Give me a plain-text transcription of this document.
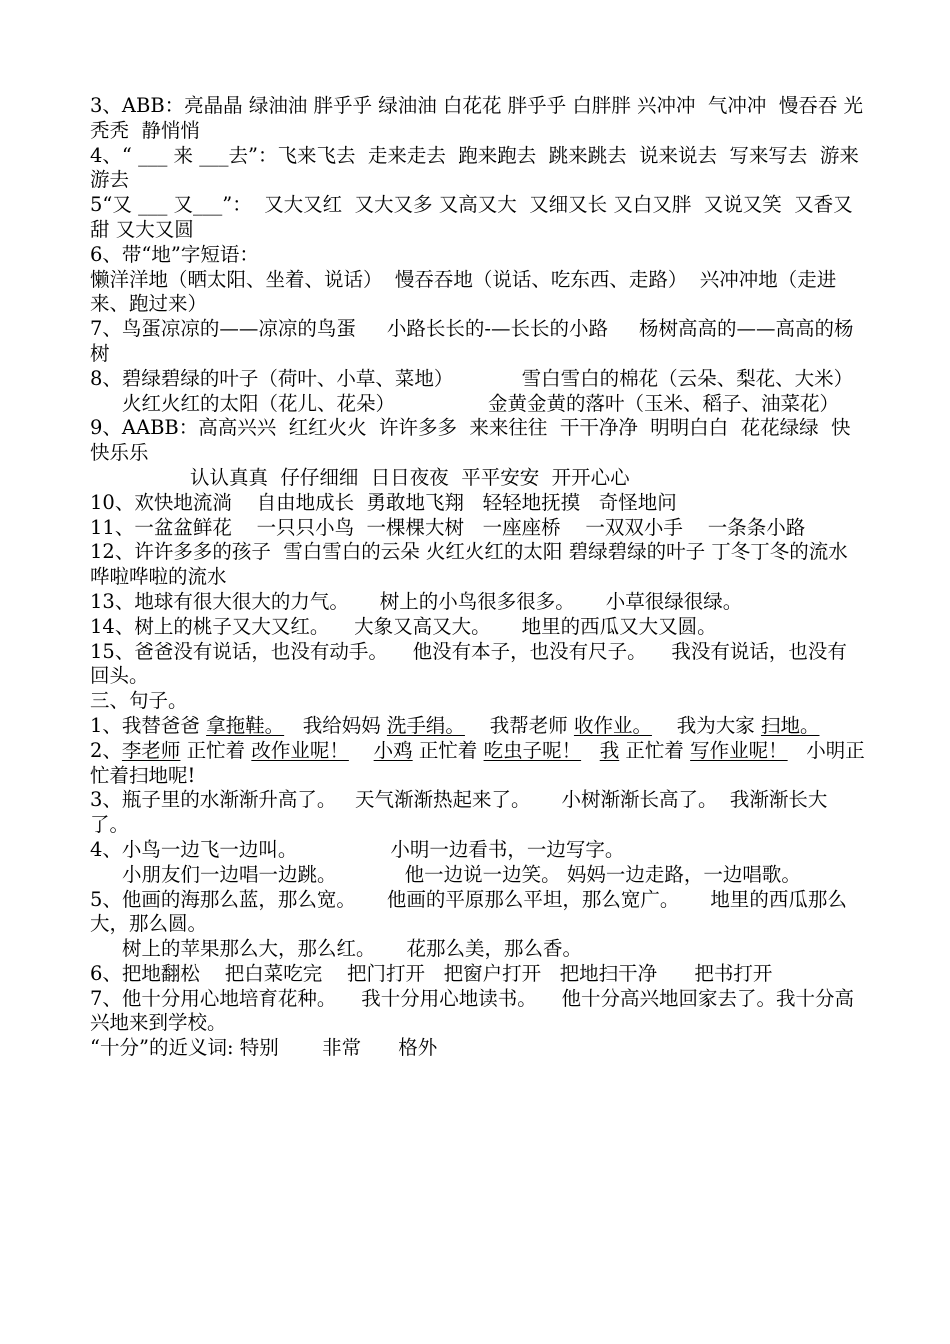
3、ABB：亮晶晶 绿油油 胖乎乎 绿油油 白花花 胖乎乎 白胖胖 兴冲冲  气冲冲  慢吞吞 光秃秃  静悄悄

4、“ ___ 来 ___去”：飞来飞去  走来走去  跑来跑去  跳来跳去  说来说去  写来写去  游来游去

5“又 ___ 又___”：  又大又红  又大又多 又高又大  又细又长 又白又胖  又说又笑  又香又甜 又大又圆

6、带“地”字短语：

懒洋洋地（晒太阳、坐着、说话）  慢吞吞地（说话、吃东西、走路）  兴冲冲地（走进来、跑过来）

7、鸟蛋凉凉的——凉凉的鸟蛋     小路长长的-—长长的小路     杨树高高的——高高的杨树

8、碧绿碧绿的叶子（荷叶、小草、菜地）           雪白雪白的棉花（云朵、梨花、大米）

火红火红的太阳（花儿、花朵）               金黄金黄的落叶（玉米、稻子、油菜花）

9、AABB：高高兴兴  红红火火  许许多多  来来往往  干干净净  明明白白  花花绿绿  快快乐乐

认认真真  仔仔细细  日日夜夜  平平安安  开开心心

10、欢快地流淌    自由地成长  勇敢地飞翔   轻轻地抚摸   奇怪地问

11、一盆盆鲜花    一只只小鸟  一棵棵大树   一座座桥    一双双小手    一条条小路

12、许许多多的孩子  雪白雪白的云朵 火红火红的太阳 碧绿碧绿的叶子 丁冬丁冬的流水 哗啦哗啦的流水

13、地球有很大很大的力气。     树上的小鸟很多很多。     小草很绿很绿。

14、树上的桃子又大又红。    大象又高又大。     地里的西瓜又大又圆。

15、爸爸没有说话，也没有动手。    他没有本子，也没有尺子。    我没有说话，也没有回头。

三、句子。

1、我替爸爸 拿拖鞋。   我给妈妈 洗手绢。    我帮老师 收作业。    我为大家 扫地。

2、李老师 正忙着 改作业呢！ 小鸡 正忙着 吃虫子呢！ 我 正忙着 写作业呢！   小明正忙着扫地呢!

3、瓶子里的水渐渐升高了。   天气渐渐热起来了。     小树渐渐长高了。  我渐渐长大了。

4、小鸟一边飞一边叫。               小明一边看书，一边写字。

小朋友们一边唱一边跳。           他一边说一边笑。 妈妈一边走路，一边唱歌。

5、他画的海那么蓝，那么宽。     他画的平原那么平坦，那么宽广。     地里的西瓜那么大，那么圆。

树上的苹果那么大，那么红。     花那么美，那么香。

6、把地翻松    把白菜吃完    把门打开   把窗户打开   把地扫干净      把书打开

7、他十分用心地培育花种。    我十分用心地读书。    他十分高兴地回家去了。我十分高兴地来到学校。

“十分”的近义词: 特别       非常      格外
